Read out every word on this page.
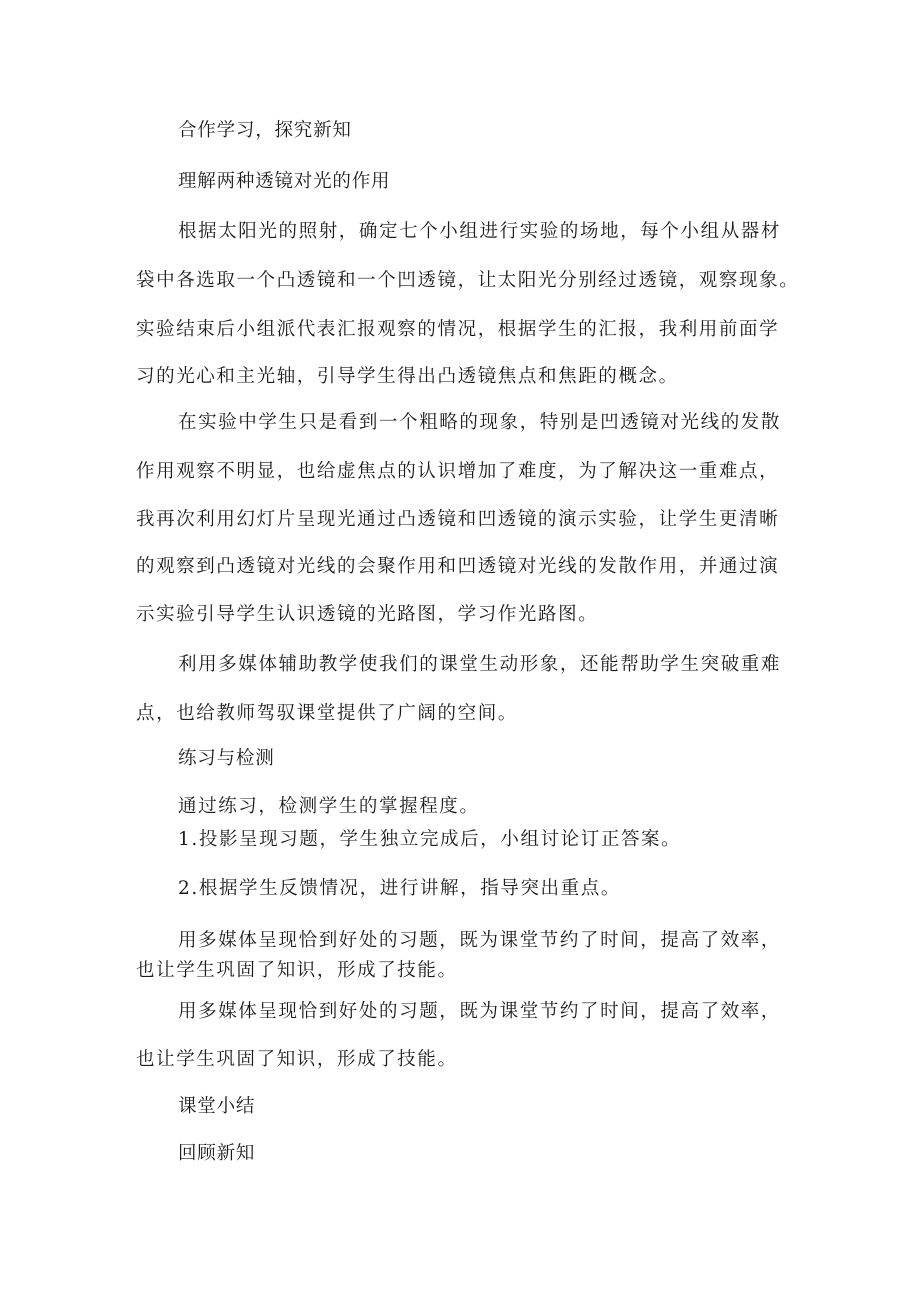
合作学习，探究新知
理解两种透镜对光的作用
根据太阳光的照射，确定七个小组进行实验的场地，每个小组从器材
袋中各选取一个凸透镜和一个凹透镜，让太阳光分别经过透镜，观察现象。
实验结束后小组派代表汇报观察的情况，根据学生的汇报，我利用前面学
习的光心和主光轴，引导学生得出凸透镜焦点和焦距的概念。
在实验中学生只是看到一个粗略的现象，特别是凹透镜对光线的发散
作用观察不明显，也给虚焦点的认识增加了难度，为了解决这一重难点，
我再次利用幻灯片呈现光通过凸透镜和凹透镜的演示实验，让学生更清晰
的观察到凸透镜对光线的会聚作用和凹透镜对光线的发散作用，并通过演
示实验引导学生认识透镜的光路图，学习作光路图。
利用多媒体辅助教学使我们的课堂生动形象，还能帮助学生突破重难
点，也给教师驾驭课堂提供了广阔的空间。
练习与检测
通过练习，检测学生的掌握程度。
1.投影呈现习题，学生独立完成后，小组讨论订正答案。
2.根据学生反馈情况，进行讲解，指导突出重点。
用多媒体呈现恰到好处的习题，既为课堂节约了时间，提高了效率，
也让学生巩固了知识，形成了技能。
用多媒体呈现恰到好处的习题，既为课堂节约了时间，提高了效率，
也让学生巩固了知识，形成了技能。
课堂小结
回顾新知
